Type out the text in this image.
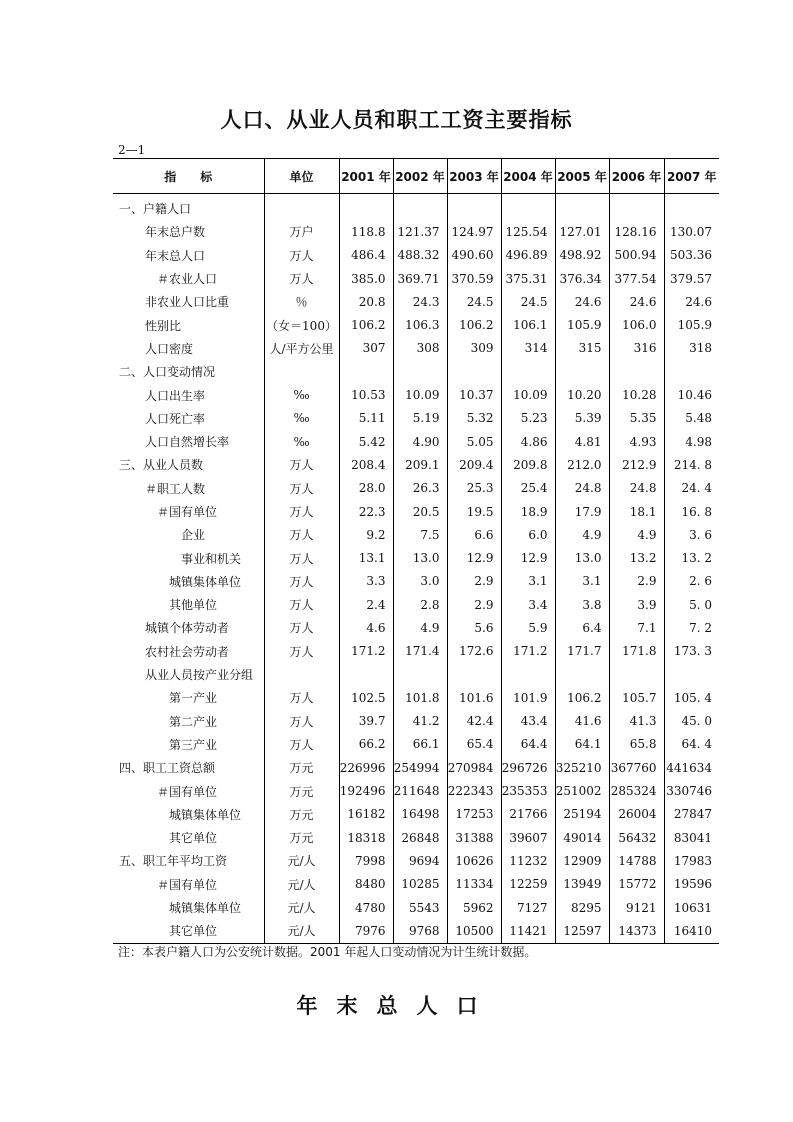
人口、从业人员和职工工资主要指标
2—1
指　　标	单位	2001 年	2002 年	2003 年	2004 年	2005 年	2006 年	2007 年
一、户籍人口								
年末总户数	万户	118.8	121.37	124.97	125.54	127.01	128.16	130.07
年末总人口	万人	486.4	488.32	490.60	496.89	498.92	500.94	503.36
＃农业人口	万人	385.0	369.71	370.59	375.31	376.34	377.54	379.57
非农业人口比重	％	20.8	24.3	24.5	24.5	24.6	24.6	24.6
性别比	（女＝100）	106.2	106.3	106.2	106.1	105.9	106.0	105.9
人口密度	人/平方公里	307	308	309	314	315	316	318
二、人口变动情况								
人口出生率	‰	10.53	10.09	10.37	10.09	10.20	10.28	10.46
人口死亡率	‰	5.11	5.19	5.32	5.23	5.39	5.35	5.48
人口自然增长率	‰	5.42	4.90	5.05	4.86	4.81	4.93	4.98
三、从业人员数	万人	208.4	209.1	209.4	209.8	212.0	212.9	214. 8
＃职工人数	万人	28.0	26.3	25.3	25.4	24.8	24.8	24. 4
＃国有单位	万人	22.3	20.5	19.5	18.9	17.9	18.1	16. 8
企业	万人	9.2	7.5	6.6	6.0	4.9	4.9	3. 6
事业和机关	万人	13.1	13.0	12.9	12.9	13.0	13.2	13. 2
城镇集体单位	万人	3.3	3.0	2.9	3.1	3.1	2.9	2. 6
其他单位	万人	2.4	2.8	2.9	3.4	3.8	3.9	5. 0
城镇个体劳动者	万人	4.6	4.9	5.6	5.9	6.4	7.1	7. 2
农村社会劳动者	万人	171.2	171.4	172.6	171.2	171.7	171.8	173. 3
从业人员按产业分组								
第一产业	万人	102.5	101.8	101.6	101.9	106.2	105.7	105. 4
第二产业	万人	39.7	41.2	42.4	43.4	41.6	41.3	45. 0
第三产业	万人	66.2	66.1	65.4	64.4	64.1	65.8	64. 4
四、职工工资总额	万元	226996	254994	270984	296726	325210	367760	441634
＃国有单位	万元	192496	211648	222343	235353	251002	285324	330746
城镇集体单位	万元	16182	16498	17253	21766	25194	26004	27847
其它单位	万元	18318	26848	31388	39607	49014	56432	83041
五、职工年平均工资	元/人	7998	9694	10626	11232	12909	14788	17983
＃国有单位	元/人	8480	10285	11334	12259	13949	15772	19596
城镇集体单位	元/人	4780	5543	5962	7127	8295	9121	10631
其它单位	元/人	7976	9768	10500	11421	12597	14373	16410
注：本表户籍人口为公安统计数据。2001 年起人口变动情况为计生统计数据。
年末总人口
